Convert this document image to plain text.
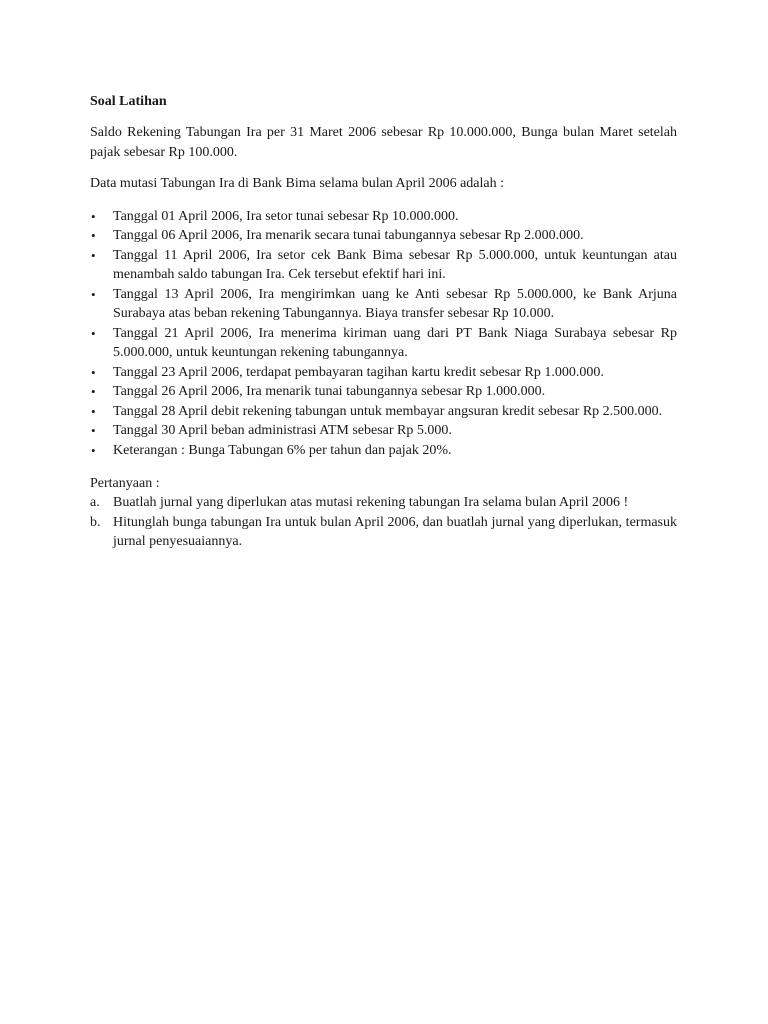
Soal Latihan
Saldo Rekening Tabungan Ira per 31 Maret 2006 sebesar Rp 10.000.000, Bunga bulan Maret setelah pajak sebesar Rp 100.000.
Data mutasi Tabungan Ira di Bank Bima selama bulan April 2006 adalah :
• Tanggal 01 April 2006, Ira setor tunai sebesar Rp 10.000.000.
• Tanggal 06 April 2006, Ira menarik secara tunai tabungannya sebesar Rp 2.000.000.
• Tanggal 11 April 2006, Ira setor cek Bank Bima sebesar Rp 5.000.000, untuk keuntungan atau menambah saldo tabungan Ira. Cek tersebut efektif hari ini.
• Tanggal 13 April 2006, Ira mengirimkan uang ke Anti sebesar Rp 5.000.000, ke Bank Arjuna Surabaya atas beban rekening Tabungannya. Biaya transfer sebesar Rp 10.000.
• Tanggal 21 April 2006, Ira menerima kiriman uang dari PT Bank Niaga Surabaya sebesar Rp 5.000.000, untuk keuntungan rekening tabungannya.
• Tanggal 23 April 2006, terdapat pembayaran tagihan kartu kredit sebesar Rp 1.000.000.
• Tanggal 26 April 2006, Ira menarik tunai tabungannya sebesar Rp 1.000.000.
• Tanggal 28 April debit rekening tabungan untuk membayar angsuran kredit sebesar Rp 2.500.000.
• Tanggal 30 April beban administrasi ATM sebesar Rp 5.000.
• Keterangan : Bunga Tabungan 6% per tahun dan pajak 20%.
Pertanyaan :
a. Buatlah jurnal yang diperlukan atas mutasi rekening tabungan Ira selama bulan April 2006 !
b. Hitunglah bunga tabungan Ira untuk bulan April 2006, dan buatlah jurnal yang diperlukan, termasuk jurnal penyesuaiannya.
